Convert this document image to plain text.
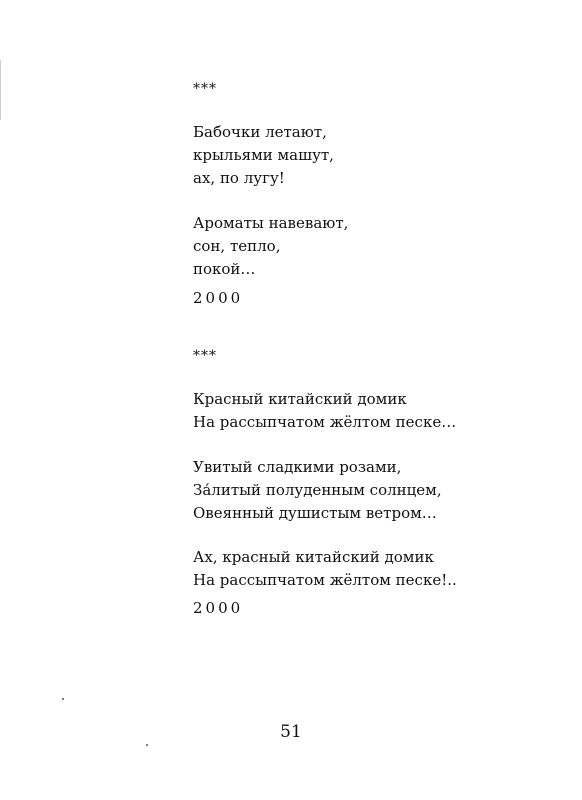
***
Бабочки летают,
крыльями машут,
ах, по лугу!
Ароматы навевают,
сон, тепло,
покой…
2000
***
Красный китайский домик
На рассыпчатом жёлтом песке…
Увитый сладкими розами,
За́литый полуденным солнцем,
Овеянный душистым ветром…
Ах, красный китайский домик
На рассыпчатом жёлтом песке!..
2000
51
